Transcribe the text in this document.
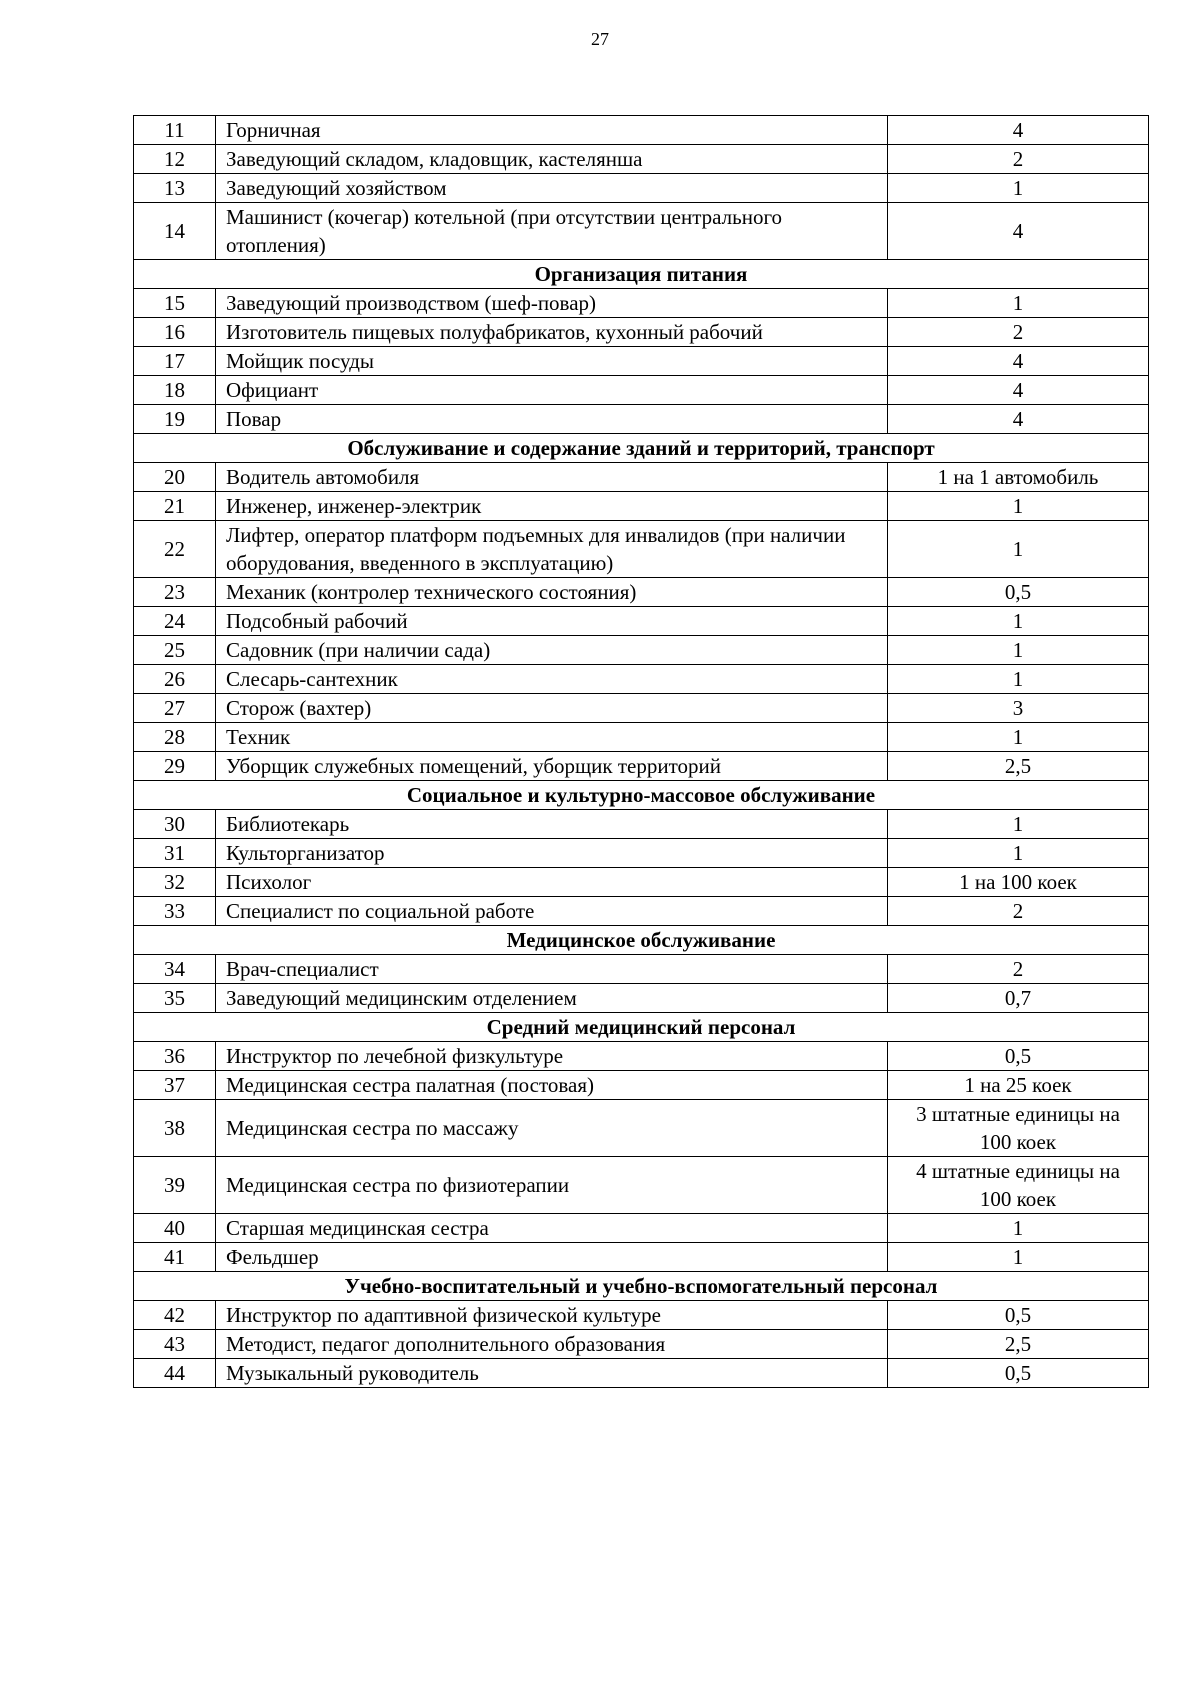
27
11	Горничная	4
12	Заведующий складом, кладовщик, кастелянша	2
13	Заведующий хозяйством	1
14	Машинист (кочегар) котельной (при отсутствии центрального отопления)	4
Организация питания		
15	Заведующий производством (шеф-повар)	1
16	Изготовитель пищевых полуфабрикатов, кухонный рабочий	2
17	Мойщик посуды	4
18	Официант	4
19	Повар	4
Обслуживание и содержание зданий и территорий, транспорт		
20	Водитель автомобиля	1 на 1 автомобиль
21	Инженер, инженер-электрик	1
22	Лифтер, оператор платформ подъемных для инвалидов (при наличии оборудования, введенного в эксплуатацию)	1
23	Механик (контролер технического состояния)	0,5
24	Подсобный рабочий	1
25	Садовник (при наличии сада)	1
26	Слесарь-сантехник	1
27	Сторож (вахтер)	3
28	Техник	1
29	Уборщик служебных помещений, уборщик территорий	2,5
Социальное и культурно-массовое обслуживание		
30	Библиотекарь	1
31	Культорганизатор	1
32	Психолог	1 на 100 коек
33	Специалист по социальной работе	2
Медицинское обслуживание		
34	Врач-специалист	2
35	Заведующий медицинским отделением	0,7
Средний медицинский персонал		
36	Инструктор по лечебной физкультуре	0,5
37	Медицинская сестра палатная (постовая)	1 на 25 коек
38	Медицинская сестра по массажу	3 штатные единицы на 100 коек
39	Медицинская сестра по физиотерапии	4 штатные единицы на 100 коек
40	Старшая медицинская сестра	1
41	Фельдшер	1
Учебно-воспитательный и учебно-вспомогательный персонал		
42	Инструктор по адаптивной физической культуре	0,5
43	Методист, педагог дополнительного образования	2,5
44	Музыкальный руководитель	0,5
